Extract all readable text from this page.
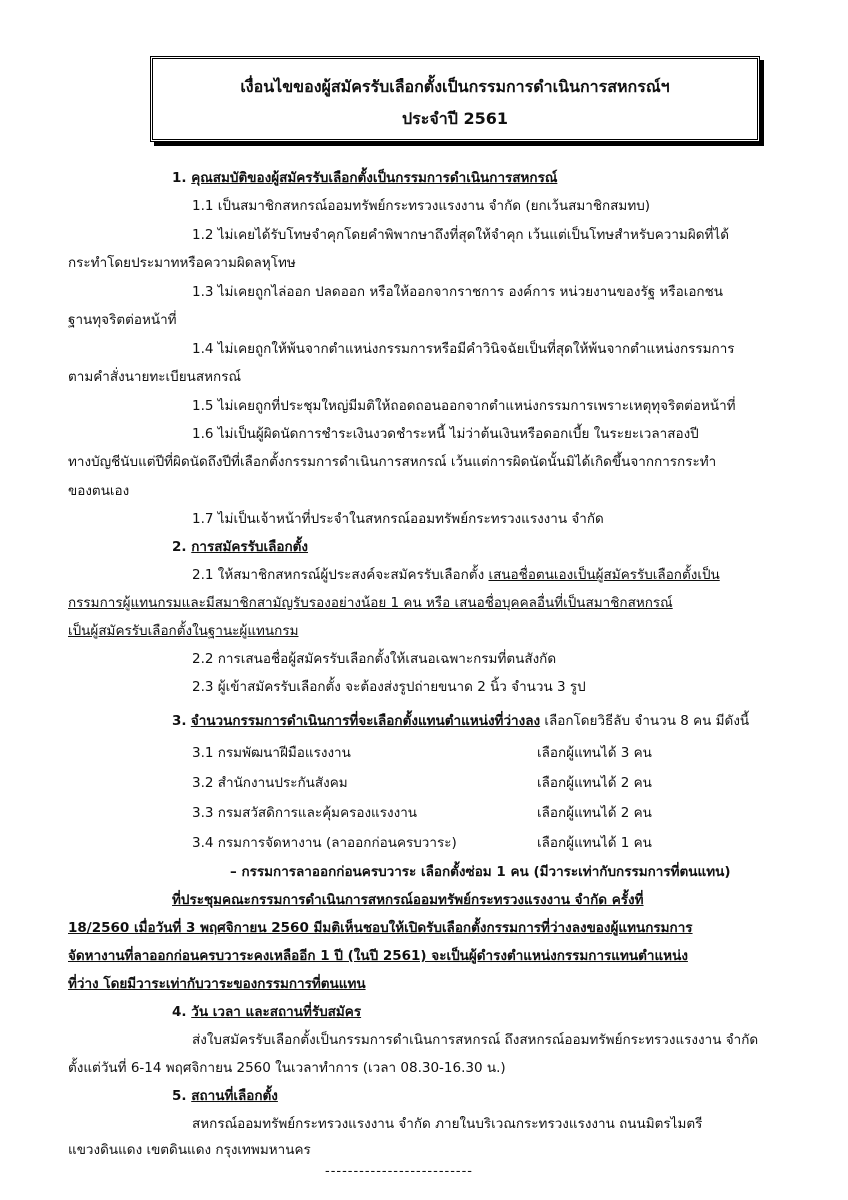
เงื่อนไขของผู้สมัครรับเลือกตั้งเป็นกรรมการดำเนินการสหกรณ์ฯ
ประจำปี 2561
1. คุณสมบัติของผู้สมัครรับเลือกตั้งเป็นกรรมการดำเนินการสหกรณ์
1.1 เป็นสมาชิกสหกรณ์ออมทรัพย์กระทรวงแรงงาน จำกัด (ยกเว้นสมาชิกสมทบ)
1.2 ไม่เคยได้รับโทษจำคุกโดยคำพิพากษาถึงที่สุดให้จำคุก เว้นแต่เป็นโทษสำหรับความผิดที่ได้
กระทำโดยประมาทหรือความผิดลหุโทษ
1.3 ไม่เคยถูกไล่ออก ปลดออก หรือให้ออกจากราชการ องค์การ หน่วยงานของรัฐ หรือเอกชน
ฐานทุจริตต่อหน้าที่
1.4 ไม่เคยถูกให้พ้นจากตำแหน่งกรรมการหรือมีคำวินิจฉัยเป็นที่สุดให้พ้นจากตำแหน่งกรรมการ
ตามคำสั่งนายทะเบียนสหกรณ์
1.5 ไม่เคยถูกที่ประชุมใหญ่มีมติให้ถอดถอนออกจากตำแหน่งกรรมการเพราะเหตุทุจริตต่อหน้าที่
1.6 ไม่เป็นผู้ผิดนัดการชำระเงินงวดชำระหนี้ ไม่ว่าต้นเงินหรือดอกเบี้ย ในระยะเวลาสองปี
ทางบัญชีนับแต่ปีที่ผิดนัดถึงปีที่เลือกตั้งกรรมการดำเนินการสหกรณ์ เว้นแต่การผิดนัดนั้นมิได้เกิดขึ้นจากการกระทำ
ของตนเอง
1.7 ไม่เป็นเจ้าหน้าที่ประจำในสหกรณ์ออมทรัพย์กระทรวงแรงงาน จำกัด
2. การสมัครรับเลือกตั้ง
2.1 ให้สมาชิกสหกรณ์ผู้ประสงค์จะสมัครรับเลือกตั้ง เสนอชื่อตนเองเป็นผู้สมัครรับเลือกตั้งเป็น
กรรมการผู้แทนกรมและมีสมาชิกสามัญรับรองอย่างน้อย 1 คน หรือ เสนอชื่อบุคคลอื่นที่เป็นสมาชิกสหกรณ์
เป็นผู้สมัครรับเลือกตั้งในฐานะผู้แทนกรม
2.2 การเสนอชื่อผู้สมัครรับเลือกตั้งให้เสนอเฉพาะกรมที่ตนสังกัด
2.3 ผู้เข้าสมัครรับเลือกตั้ง จะต้องส่งรูปถ่ายขนาด 2 นิ้ว จำนวน 3 รูป
3. จำนวนกรรมการดำเนินการที่จะเลือกตั้งแทนตำแหน่งที่ว่างลง เลือกโดยวิธีลับ จำนวน 8 คน มีดังนี้
3.1 กรมพัฒนาฝีมือแรงงาน	เลือกผู้แทนได้ 3 คน
3.2 สำนักงานประกันสังคม	เลือกผู้แทนได้ 2 คน
3.3 กรมสวัสดิการและคุ้มครองแรงงาน	เลือกผู้แทนได้ 2 คน
3.4 กรมการจัดหางาน (ลาออกก่อนครบวาระ)	เลือกผู้แทนได้ 1 คน
– กรรมการลาออกก่อนครบวาระ เลือกตั้งซ่อม 1 คน (มีวาระเท่ากับกรรมการที่ตนแทน)
ที่ประชุมคณะกรรมการดำเนินการสหกรณ์ออมทรัพย์กระทรวงแรงงาน จำกัด ครั้งที่
18/2560 เมื่อวันที่ 3 พฤศจิกายน 2560 มีมติเห็นชอบให้เปิดรับเลือกตั้งกรรมการที่ว่างลงของผู้แทนกรมการ
จัดหางานที่ลาออกก่อนครบวาระคงเหลืออีก 1 ปี (ในปี 2561) จะเป็นผู้ดำรงตำแหน่งกรรมการแทนตำแหน่ง
ที่ว่าง โดยมีวาระเท่ากับวาระของกรรมการที่ตนแทน
4. วัน เวลา และสถานที่รับสมัคร
ส่งใบสมัครรับเลือกตั้งเป็นกรรมการดำเนินการสหกรณ์ ถึงสหกรณ์ออมทรัพย์กระทรวงแรงงาน จำกัด
ตั้งแต่วันที่ 6-14 พฤศจิกายน 2560 ในเวลาทำการ (เวลา 08.30-16.30 น.)
5. สถานที่เลือกตั้ง
สหกรณ์ออมทรัพย์กระทรวงแรงงาน จำกัด ภายในบริเวณกระทรวงแรงงาน ถนนมิตรไมตรี
แขวงดินแดง เขตดินแดง กรุงเทพมหานคร
--------------------------
